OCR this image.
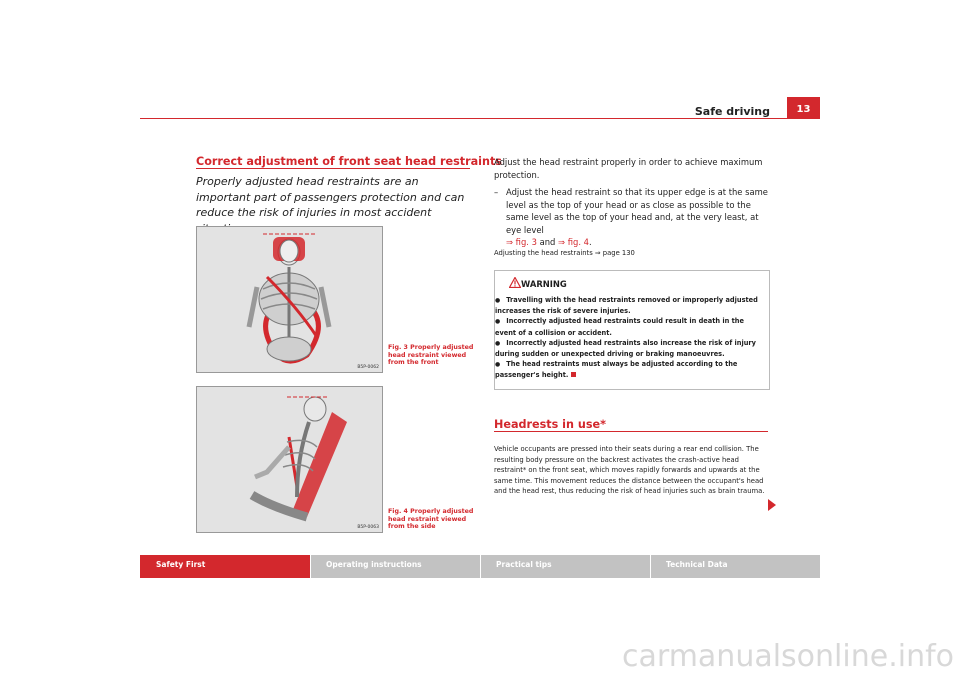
Safe driving	13
Correct adjustment of front seat head restraints
Properly adjusted head restraints are an important part of passengers protection and can reduce the risk of injuries in most accident
B5P-0062
Fig. 3 Properly adjusted head restraint viewed from the front
B5P-0063
Fig. 4 Properly adjusted head restraint viewed from the side
Adjust the head restraint properly in order to achieve maximum protection.
– Adjust the head restraint so that its upper edge is at the same level as the top of your head or as close as possible to the same level as the top of your head and, at the very least, at eye level
⇒ fig. 3 and ⇒ fig. 4.
Adjusting the head restraints ⇒ page 130
WARNING
● Travelling with the head restraints removed or improperly adjusted increases the risk of severe injuries.
● Incorrectly adjusted head restraints could result in death in the event of a collision or accident.
● Incorrectly adjusted head restraints also increase the risk of injury during sudden or unexpected driving or braking manoeuvres.
● The head restraints must always be adjusted according to the passenger's height.
Headrests in use*
Vehicle occupants are pressed into their seats during a rear end collision. The resulting body pressure on the backrest activates the crash-active head restraint* on the front seat, which moves rapidly forwards and upwards at the same time. This movement reduces the distance between the occupant's head and the head rest, thus reducing the risk of head injuries such as brain trauma.
Safety First	Operating instructions	Practical tips	Technical Data
carmanualsonline.info
